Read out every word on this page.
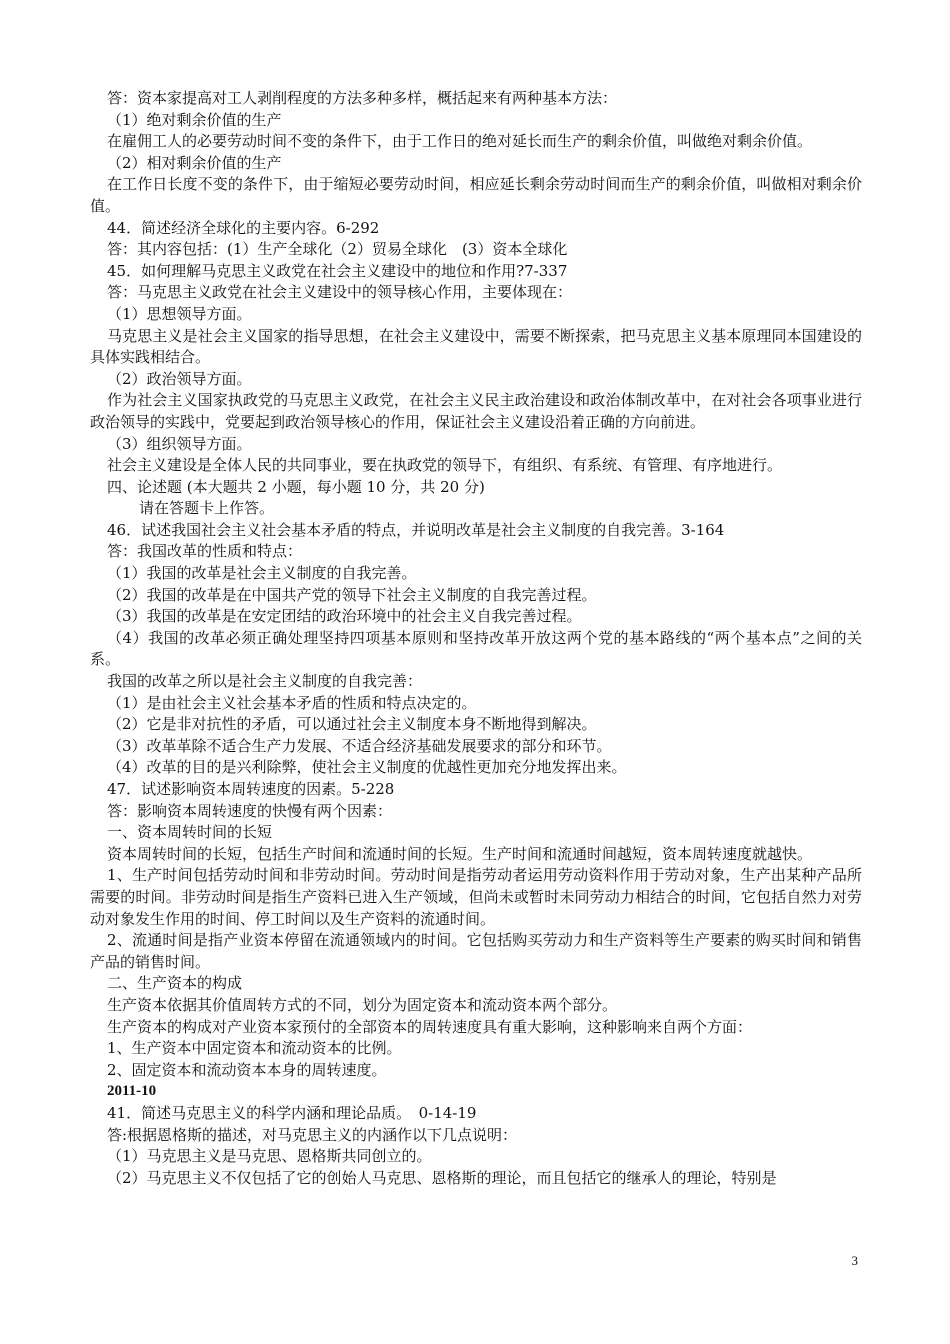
答：资本家提高对工人剥削程度的方法多种多样，概括起来有两种基本方法：

（1）绝对剩余价值的生产

在雇佣工人的必要劳动时间不变的条件下，由于工作日的绝对延长而生产的剩余价值，叫做绝对剩余价值。

（2）相对剩余价值的生产

在工作日长度不变的条件下，由于缩短必要劳动时间，相应延长剩余劳动时间而生产的剩余价值，叫做相对剩余价值。

44．简述经济全球化的主要内容。6-292

答：其内容包括：(1）生产全球化（2）贸易全球化　(3）资本全球化

45．如何理解马克思主义政党在社会主义建设中的地位和作用?7-337

答：马克思主义政党在社会主义建设中的领导核心作用，主要体现在：

（1）思想领导方面。

马克思主义是社会主义国家的指导思想，在社会主义建设中，需要不断探索，把马克思主义基本原理同本国建设的具体实践相结合。

（2）政治领导方面。

作为社会主义国家执政党的马克思主义政党，在社会主义民主政治建设和政治体制改革中，在对社会各项事业进行政治领导的实践中，党要起到政治领导核心的作用，保证社会主义建设沿着正确的方向前进。

（3）组织领导方面。

社会主义建设是全体人民的共同事业，要在执政党的领导下，有组织、有系统、有管理、有序地进行。

四、论述题 (本大题共 2 小题，每小题 10 分，共 20 分)

请在答题卡上作答。

46．试述我国社会主义社会基本矛盾的特点，并说明改革是社会主义制度的自我完善。3-164

答：我国改革的性质和特点：

（1）我国的改革是社会主义制度的自我完善。

（2）我国的改革是在中国共产党的领导下社会主义制度的自我完善过程。

（3）我国的改革是在安定团结的政治环境中的社会主义自我完善过程。

（4）我国的改革必须正确处理坚持四项基本原则和坚持改革开放这两个党的基本路线的“两个基本点”之间的关系。

我国的改革之所以是社会主义制度的自我完善：

（1）是由社会主义社会基本矛盾的性质和特点决定的。

（2）它是非对抗性的矛盾，可以通过社会主义制度本身不断地得到解决。

（3）改革革除不适合生产力发展、不适合经济基础发展要求的部分和环节。

（4）改革的目的是兴利除弊，使社会主义制度的优越性更加充分地发挥出来。

47．试述影响资本周转速度的因素。5-228

答：影响资本周转速度的快慢有两个因素：

一、资本周转时间的长短

资本周转时间的长短，包括生产时间和流通时间的长短。生产时间和流通时间越短，资本周转速度就越快。

1、生产时间包括劳动时间和非劳动时间。劳动时间是指劳动者运用劳动资料作用于劳动对象，生产出某种产品所需要的时间。非劳动时间是指生产资料已进入生产领域，但尚未或暂时未同劳动力相结合的时间，它包括自然力对劳动对象发生作用的时间、停工时间以及生产资料的流通时间。

2、流通时间是指产业资本停留在流通领域内的时间。它包括购买劳动力和生产资料等生产要素的购买时间和销售产品的销售时间。

二、生产资本的构成

生产资本依据其价值周转方式的不同，划分为固定资本和流动资本两个部分。

生产资本的构成对产业资本家预付的全部资本的周转速度具有重大影响，这种影响来自两个方面：

1、生产资本中固定资本和流动资本的比例。

2、固定资本和流动资本本身的周转速度。

2011-10

41．简述马克思主义的科学内涵和理论品质。　0-14-19

答:根据恩格斯的描述，对马克思主义的内涵作以下几点说明：

（1）马克思主义是马克思、恩格斯共同创立的。

（2）马克思主义不仅包括了它的创始人马克思、恩格斯的理论，而且包括它的继承人的理论，特别是

3
